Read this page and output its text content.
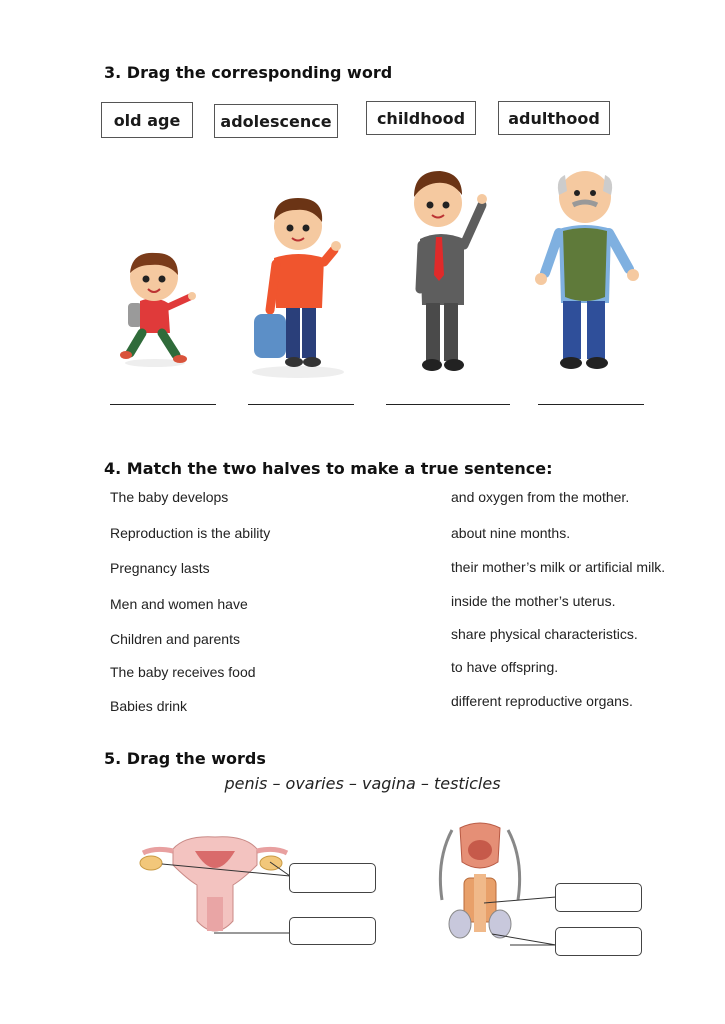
3. Drag the corresponding word
old age	adolescence	childhood	adulthood
4. Match the two halves to make a true sentence:
The baby develops
Reproduction is the ability
Pregnancy lasts
Men and women have
Children and parents
The baby receives food
Babies drink
and oxygen from the mother.
about nine months.
their mother’s milk or artificial milk.
inside the mother’s uterus.
share physical characteristics.
to have offspring.
different reproductive organs.
5. Drag the words
penis – ovaries – vagina – testicles
